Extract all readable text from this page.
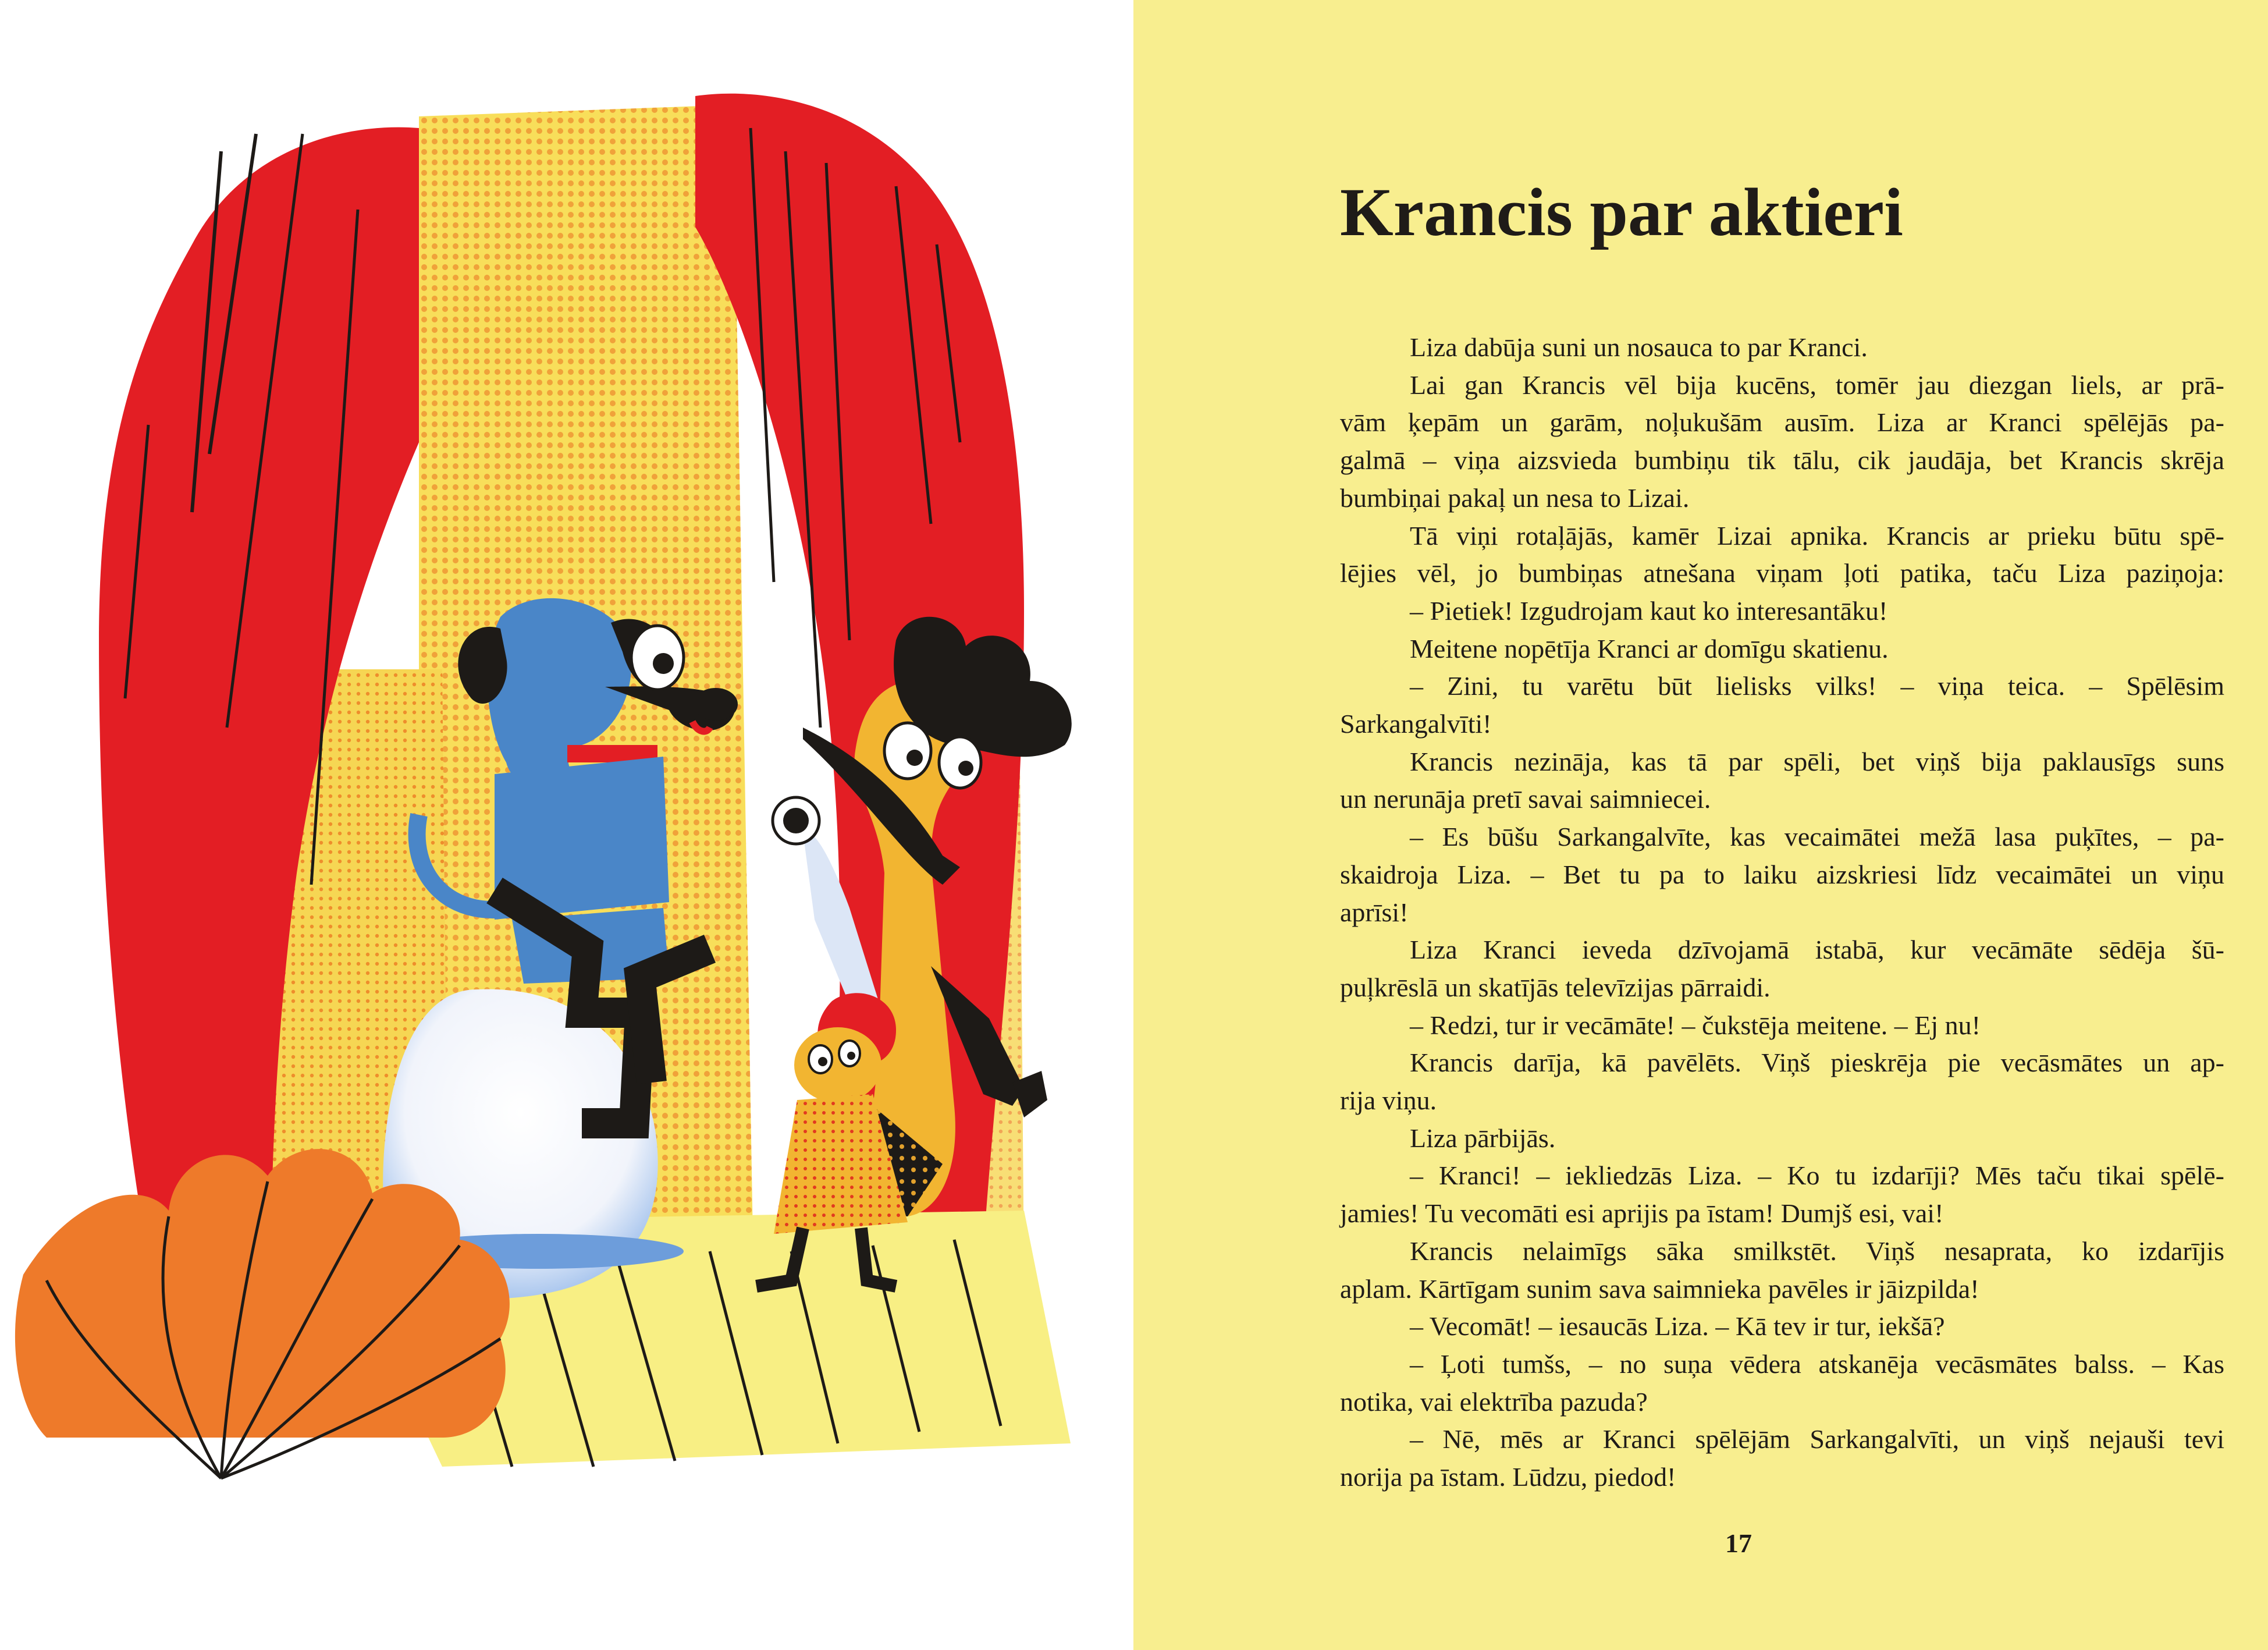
Krancis par aktieri
Liza dabūja suni un nosauca to par Kranci.
Lai gan Krancis vēl bija kucēns, tomēr jau diezgan liels, ar prā-
vām ķepām un garām, noļukušām ausīm. Liza ar Kranci spēlējās pa-
galmā – viņa aizsvieda bumbiņu tik tālu, cik jaudāja, bet Krancis skrēja
bumbiņai pakaļ un nesa to Lizai.
Tā viņi rotaļājās, kamēr Lizai apnika. Krancis ar prieku būtu spē-
lējies vēl, jo bumbiņas atnešana viņam ļoti patika, taču Liza paziņoja:
– Pietiek! Izgudrojam kaut ko interesantāku!
Meitene nopētīja Kranci ar domīgu skatienu.
– Zini, tu varētu būt lielisks vilks! – viņa teica. – Spēlēsim
Sarkangalvīti!
Krancis nezināja, kas tā par spēli, bet viņš bija paklausīgs suns
un nerunāja pretī savai saimniecei.
– Es būšu Sarkangalvīte, kas vecaimātei mežā lasa puķītes, – pa-
skaidroja Liza. – Bet tu pa to laiku aizskriesi līdz vecaimātei un viņu
aprīsi!
Liza Kranci ieveda dzīvojamā istabā, kur vecāmāte sēdēja šū-
puļkrēslā un skatījās televīzijas pārraidi.
– Redzi, tur ir vecāmāte! – čukstēja meitene. – Ej nu!
Krancis darīja, kā pavēlēts. Viņš pieskrēja pie vecāsmātes un ap-
rija viņu.
Liza pārbijās.
– Kranci! – iekliedzās Liza. – Ko tu izdarīji? Mēs taču tikai spēlē-
jamies! Tu vecomāti esi aprijis pa īstam! Dumjš esi, vai!
Krancis nelaimīgs sāka smilkstēt. Viņš nesaprata, ko izdarījis
aplam. Kārtīgam sunim sava saimnieka pavēles ir jāizpilda!
– Vecomāt! – iesaucās Liza. – Kā tev ir tur, iekšā?
– Ļoti tumšs, – no suņa vēdera atskanēja vecāsmātes balss. – Kas
notika, vai elektrība pazuda?
– Nē, mēs ar Kranci spēlējām Sarkangalvīti, un viņš nejauši tevi
norija pa īstam. Lūdzu, piedod!
17
